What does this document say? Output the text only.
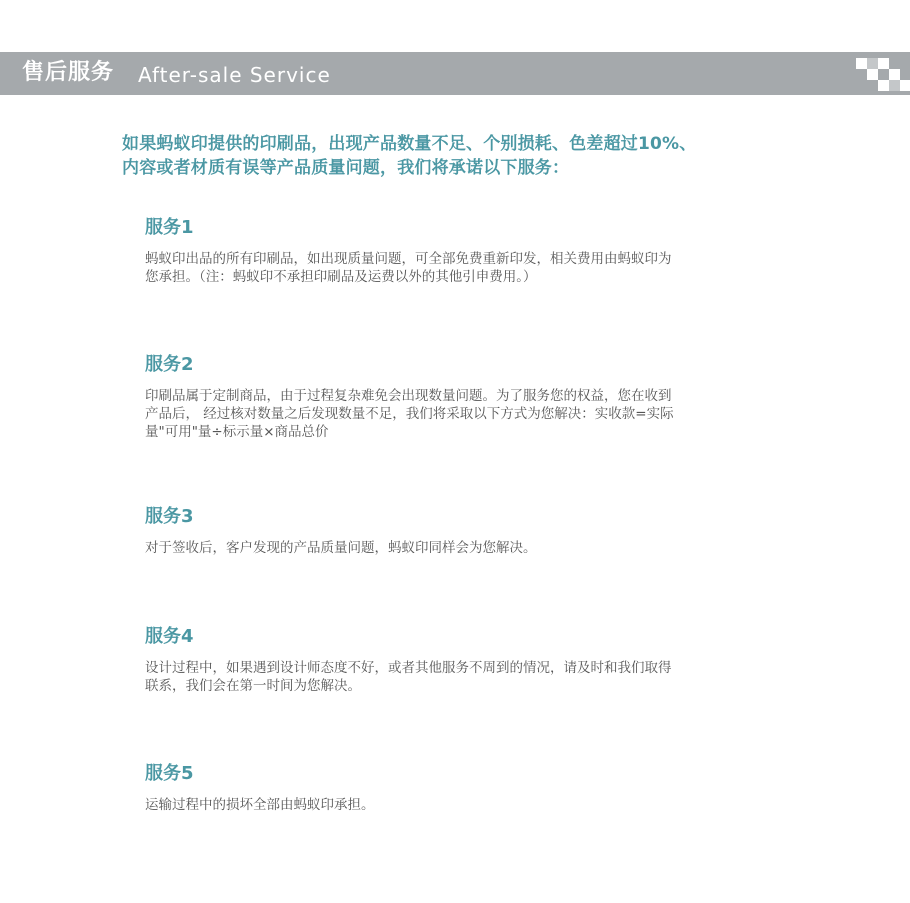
售后服务 After-sale Service

如果蚂蚁印提供的印刷品，出现产品数量不足、个别损耗、色差超过10%、

内容或者材质有误等产品质量问题，我们将承诺以下服务：

服务1

蚂蚁印出品的所有印刷品，如出现质量问题，可全部免费重新印发，相关费用由蚂蚁印为
您承担。（注：蚂蚁印不承担印刷品及运费以外的其他引申费用。）

服务2

印刷品属于定制商品，由于过程复杂难免会出现数量问题。为了服务您的权益，您在收到
产品后， 经过核对数量之后发现数量不足，我们将采取以下方式为您解决：实收款=实际
量"可用"量÷标示量×商品总价

服务3

对于签收后，客户发现的产品质量问题，蚂蚁印同样会为您解决。

服务4

设计过程中，如果遇到设计师态度不好，或者其他服务不周到的情况，请及时和我们取得
联系，我们会在第一时间为您解决。

服务5

运输过程中的损坏全部由蚂蚁印承担。
